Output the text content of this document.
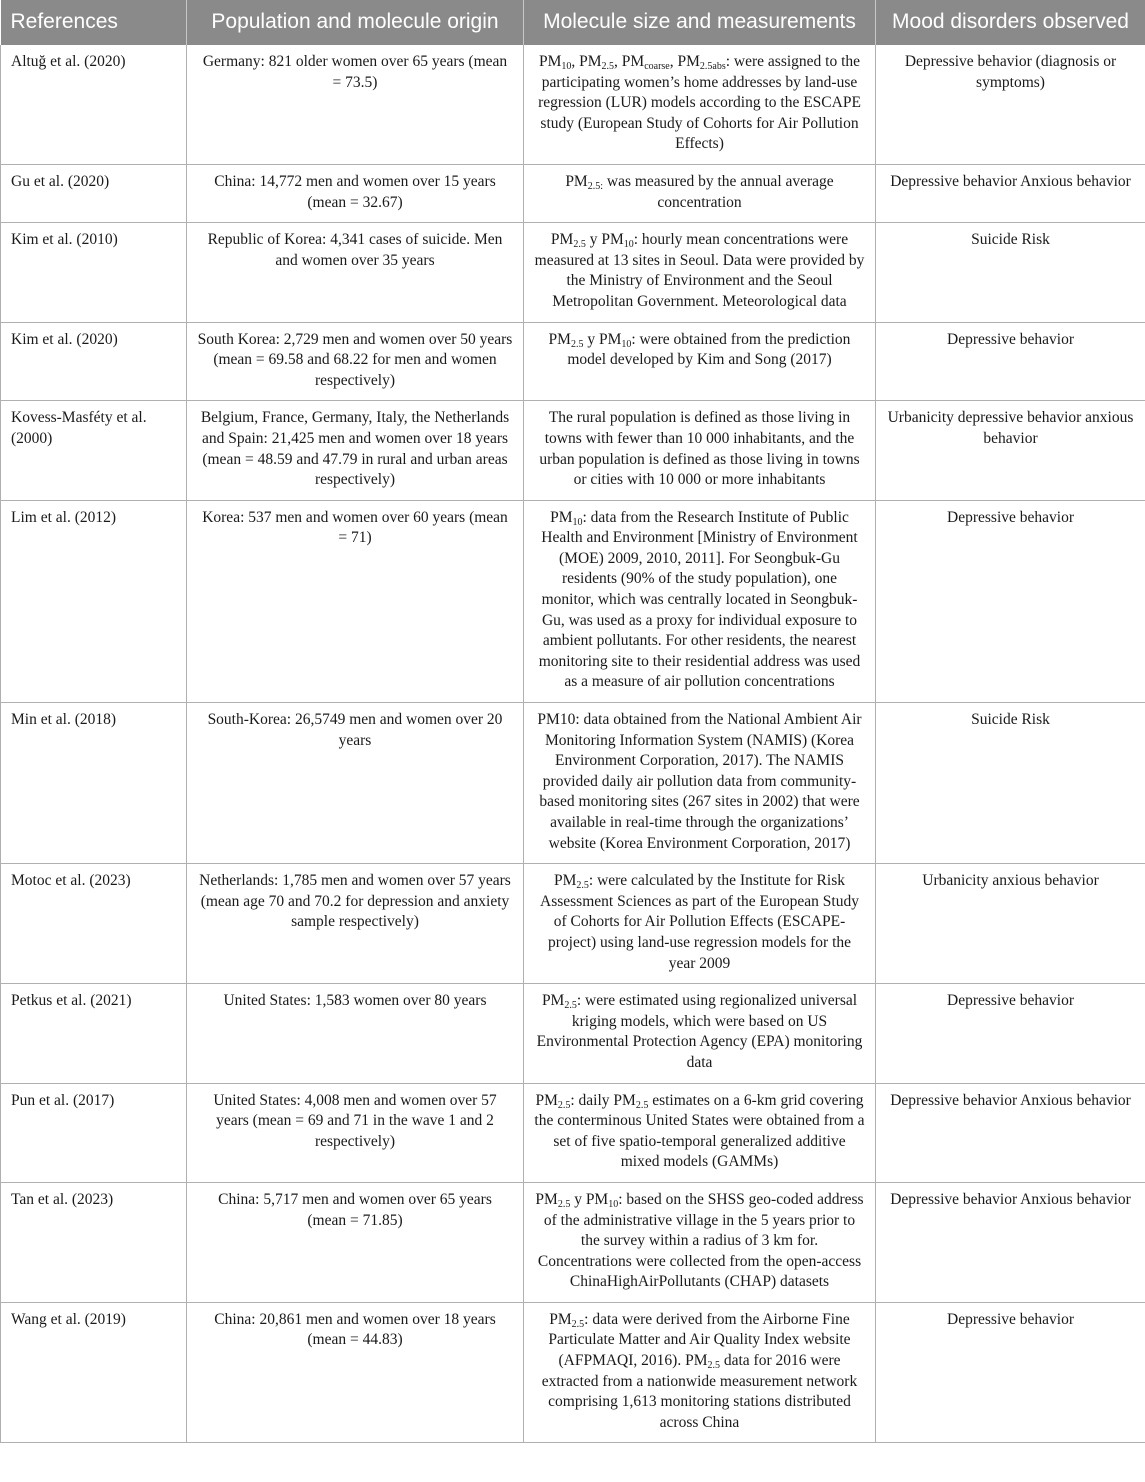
References	Population and molecule origin	Molecule size and measurements	Mood disorders observed
Altuğ et al. (2020)	Germany: 821 older women over 65 years (mean = 73.5)	$PM_{10}$, $PM_{2.5}$, $PM_{coarse}$, $PM_{2.5abs}$: were assigned to the participating women’s home addresses by land-use regression (LUR) models according to the ESCAPE study (European Study of Cohorts for Air Pollution Effects)	Depressive behavior (diagnosis or symptoms)
Gu et al. (2020)	China: 14,772 men and women over 15 years (mean = 32.67)	$PM_{2.5:}$ was measured by the annual average concentration	Depressive behavior Anxious behavior
Kim et al. (2010)	Republic of Korea: 4,341 cases of suicide. Men and women over 35 years	$PM_{2.5}$ y $PM_{10}$: hourly mean concentrations were measured at 13 sites in Seoul. Data were provided by the Ministry of Environment and the Seoul Metropolitan Government. Meteorological data	Suicide Risk
Kim et al. (2020)	South Korea: 2,729 men and women over 50 years (mean = 69.58 and 68.22 for men and women respectively)	$PM_{2.5}$ y $PM_{10}$: were obtained from the prediction model developed by Kim and Song (2017)	Depressive behavior
Kovess-Masféty et al. (2000)	Belgium, France, Germany, Italy, the Netherlands and Spain: 21,425 men and women over 18 years (mean = 48.59 and 47.79 in rural and urban areas respectively)	The rural population is defined as those living in towns with fewer than 10 000 inhabitants, and the urban population is defined as those living in towns or cities with 10 000 or more inhabitants	Urbanicity depressive behavior anxious behavior
Lim et al. (2012)	Korea: 537 men and women over 60 years (mean = 71)	$PM_{10}$: data from the Research Institute of Public Health and Environment [Ministry of Environment (MOE) 2009, 2010, 2011]. For Seongbuk-Gu residents (90% of the study population), one monitor, which was centrally located in Seongbuk-Gu, was used as a proxy for individual exposure to ambient pollutants. For other residents, the nearest monitoring site to their residential address was used as a measure of air pollution concentrations	Depressive behavior
Min et al. (2018)	South-Korea: 26,5749 men and women over 20 years	PM10: data obtained from the National Ambient Air Monitoring Information System (NAMIS) (Korea Environment Corporation, 2017). The NAMIS provided daily air pollution data from community-based monitoring sites (267 sites in 2002) that were available in real-time through the organizations’ website (Korea Environment Corporation, 2017)	Suicide Risk
Motoc et al. (2023)	Netherlands: 1,785 men and women over 57 years (mean age 70 and 70.2 for depression and anxiety sample respectively)	$PM_{2.5}$: were calculated by the Institute for Risk Assessment Sciences as part of the European Study of Cohorts for Air Pollution Effects (ESCAPE-project) using land-use regression models for the year 2009	Urbanicity anxious behavior
Petkus et al. (2021)	United States: 1,583 women over 80 years	$PM_{2.5}$: were estimated using regionalized universal kriging models, which were based on US Environmental Protection Agency (EPA) monitoring data	Depressive behavior
Pun et al. (2017)	United States: 4,008 men and women over 57 years (mean = 69 and 71 in the wave 1 and 2 respectively)	$PM_{2.5}$: daily $PM_{2.5}$ estimates on a 6-km grid covering the conterminous United States were obtained from a set of five spatio-temporal generalized additive mixed models (GAMMs)	Depressive behavior Anxious behavior
Tan et al. (2023)	China: 5,717 men and women over 65 years (mean = 71.85)	$PM_{2.5}$ y $PM_{10}$: based on the SHSS geo-coded address of the administrative village in the 5 years prior to the survey within a radius of 3 km for. Concentrations were collected from the open-access ChinaHighAirPollutants (CHAP) datasets	Depressive behavior Anxious behavior
Wang et al. (2019)	China: 20,861 men and women over 18 years (mean = 44.83)	$PM_{2.5}$: data were derived from the Airborne Fine Particulate Matter and Air Quality Index website (AFPMAQI, 2016). $PM_{2.5}$ data for 2016 were extracted from a nationwide measurement network comprising 1,613 monitoring stations distributed across China	Depressive behavior
